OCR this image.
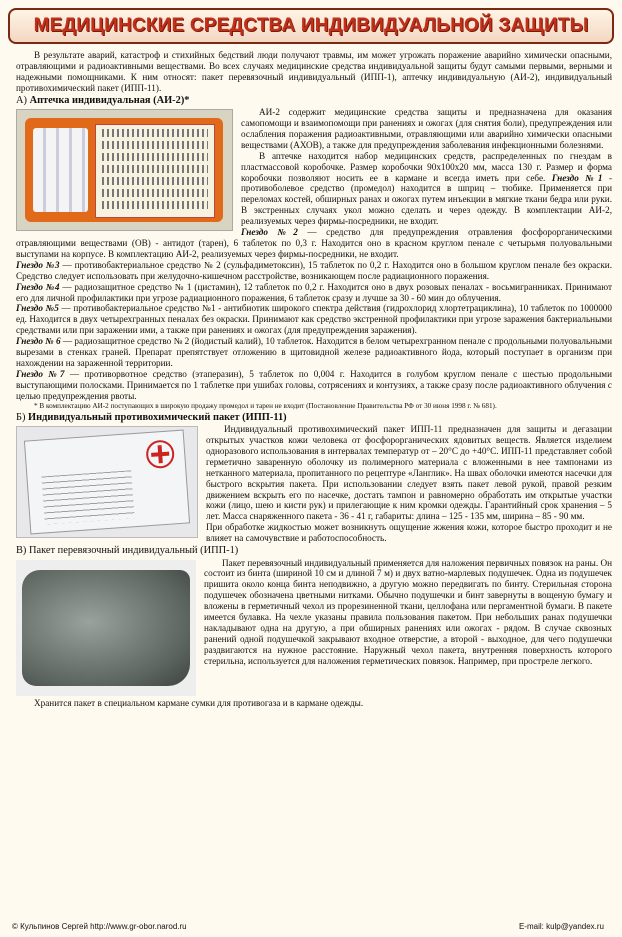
МЕДИЦИНСКИЕ СРЕДСТВА ИНДИВИДУАЛЬНОЙ ЗАЩИТЫ

В результате аварий, катастроф и стихийных бедствий люди получают травмы, им может угрожать поражение аварийно химически опасными, отравляющими и радиоактивными веществами. Во всех случаях медицинские средства индивидуальной защиты будут самыми первыми, верными и надежными помощниками. К ним относят: пакет перевязочный индивидуальный (ИПП-1), аптечку индивидуальную (АИ-2), индивидуальный противохимический пакет (ИПП-11).

А) Аптечка индивидуальная (АИ-2)*

АИ-2 содержит медицинские средства защиты и предназначена для оказания самопомощи и взаимопомощи при ранениях и ожогах (для снятия боли), предупреждения или ослабления поражения радиоактивными, отравляющими или аварийно химически опасными веществами (АХОВ), а также для предупреждения заболевания инфекционными болезнями.

В аптечке находится набор медицинских средств, распределенных по гнездам в пластмассовой коробочке. Размер коробочки 90х100х20 мм, масса 130 г. Размер и форма коробочки позволяют носить ее в кармане и всегда иметь при себе. Гнездо №1 - противоболевое средство (промедол) находится в шприц – тюбике. Применяется при переломах костей, обширных ранах и ожогах путем инъекции в мягкие ткани бедра или руки. В экстренных случаях укол можно сделать и через одежду. В комплектации АИ-2, реализуемых через фирмы-посредники, не входит.

Гнездо №2 — средство для предупреждения отравления фосфорорганическими отравляющими веществами (ОВ) - антидот (тарен), 6 таблеток по 0,3 г. Находится оно в красном круглом пенале с четырьмя полуовальными выступами на корпусе. В комплектацию АИ-2, реализуемых через фирмы-посредники, не входит.

Гнездо №3 — противобактериальное средство № 2 (сульфадиметоксин), 15 таблеток по 0,2 г. Находится оно в большом круглом пенале без окраски. Средство следует использовать при желудочно-кишечном расстройстве, возникающем после радиационного поражения.

Гнездо №4 — радиозащитное средство № 1 (цистамин), 12 таблеток по 0,2 г. Находится оно в двух розовых пеналах - восьмигранниках. Принимают его для личной профилактики при угрозе радиационного поражения, 6 таблеток сразу и лучше за 30 - 60 мин до облучения.

Гнездо №5 — противобактериальное средство №1 - антибиотик широкого спектра действия (гидрохлорид хлортетрациклина), 10 таблеток по 1000000 ед. Находится в двух четырехгранных пеналах без окраски. Принимают как средство экстренной профилактики при угрозе заражения бактериальными средствами или при заражении ими, а также при ранениях и ожогах (для предупреждения заражения).

Гнездо № 6 — радиозащитное средство № 2 (йодистый калий), 10 таблеток. Находится в белом четырехгранном пенале с продольными полуовальными вырезами в стенках граней. Препарат препятствует отложению в щитовидной железе радиоактивного йода, который поступает в организм при нахождении на зараженной территории.

Гнездо №7 — противорвотное средство (этаперазин), 5 таблеток по 0,004 г. Находится в голубом круглом пенале с шестью продольными выступающими полосками. Принимается по 1 таблетке при ушибах головы, сотрясениях и контузиях, а также сразу после радиоактивного облучения с целью предупреждения рвоты.

* В комплектацию АИ-2 поступающих в широкую продажу промедол и тарен не входит (Постановление Правительства РФ от 30 июня 1998 г. № 681).

Б) Индивидуальный противохимический пакет (ИПП-11)

Индивидуальный противохимический пакет ИПП-11 предназначен для защиты и дегазации открытых участков кожи человека от фосфорорганических ядовитых веществ. Является изделием одноразового использования в интервалах температур от – 20°С до +40°С. ИПП-11 представляет собой герметично заваренную оболочку из полимерного материала с вложенными в нее тампонами из нетканного материала, пропитанного по рецептуре «Ланглик». На швах оболочки имеются насечки для быстрого вскрытия пакета. При использовании следует взять пакет левой рукой, правой резким движением вскрыть его по насечке, достать тампон и равномерно обработать им открытые участки кожи (лицо, шею и кисти рук) и прилегающие к ним кромки одежды. Гарантийный срок хранения – 5 лет. Масса снаряженного пакета - 36 - 41 г, габариты: длина – 125 - 135 мм, ширина – 85 - 90 мм.

При обработке жидкостью может возникнуть ощущение жжения кожи, которое быстро проходит и не влияет на самочувствие и работоспособность.

В) Пакет перевязочный индивидуальный (ИПП-1)

Пакет перевязочный индивидуальный применяется для наложения первичных повязок на раны. Он состоит из бинта (шириной 10 см и длиной 7 м) и двух ватно-марлевых подушечек. Одна из подушечек пришита около конца бинта неподвижно, а другую можно передвигать по бинту. Стерильная сторона подушечек обозначена цветными нитками. Обычно подушечки и бинт завернуты в вощеную бумагу и вложены в герметичный чехол из прорезиненной ткани, целлофана или пергаментной бумаги. В пакете имеется булавка. На чехле указаны правила пользования пакетом. При небольших ранах подушечки накладывают одна на другую, а при обширных ранениях или ожогах - рядом. В случае сквозных ранений одной подушечкой закрывают входное отверстие, а второй - выходное, для чего подушечки раздвигаются на нужное расстояние. Наружный чехол пакета, внутренняя поверхность которого стерильна, используется для наложения герметических повязок. Например, при простреле легкого.

Хранится пакет в специальном кармане сумки для противогаза и в кармане одежды.

© Кульпинов Сергей http://www.gr-obor.narod.ru	E-mail: kulp@yandex.ru
